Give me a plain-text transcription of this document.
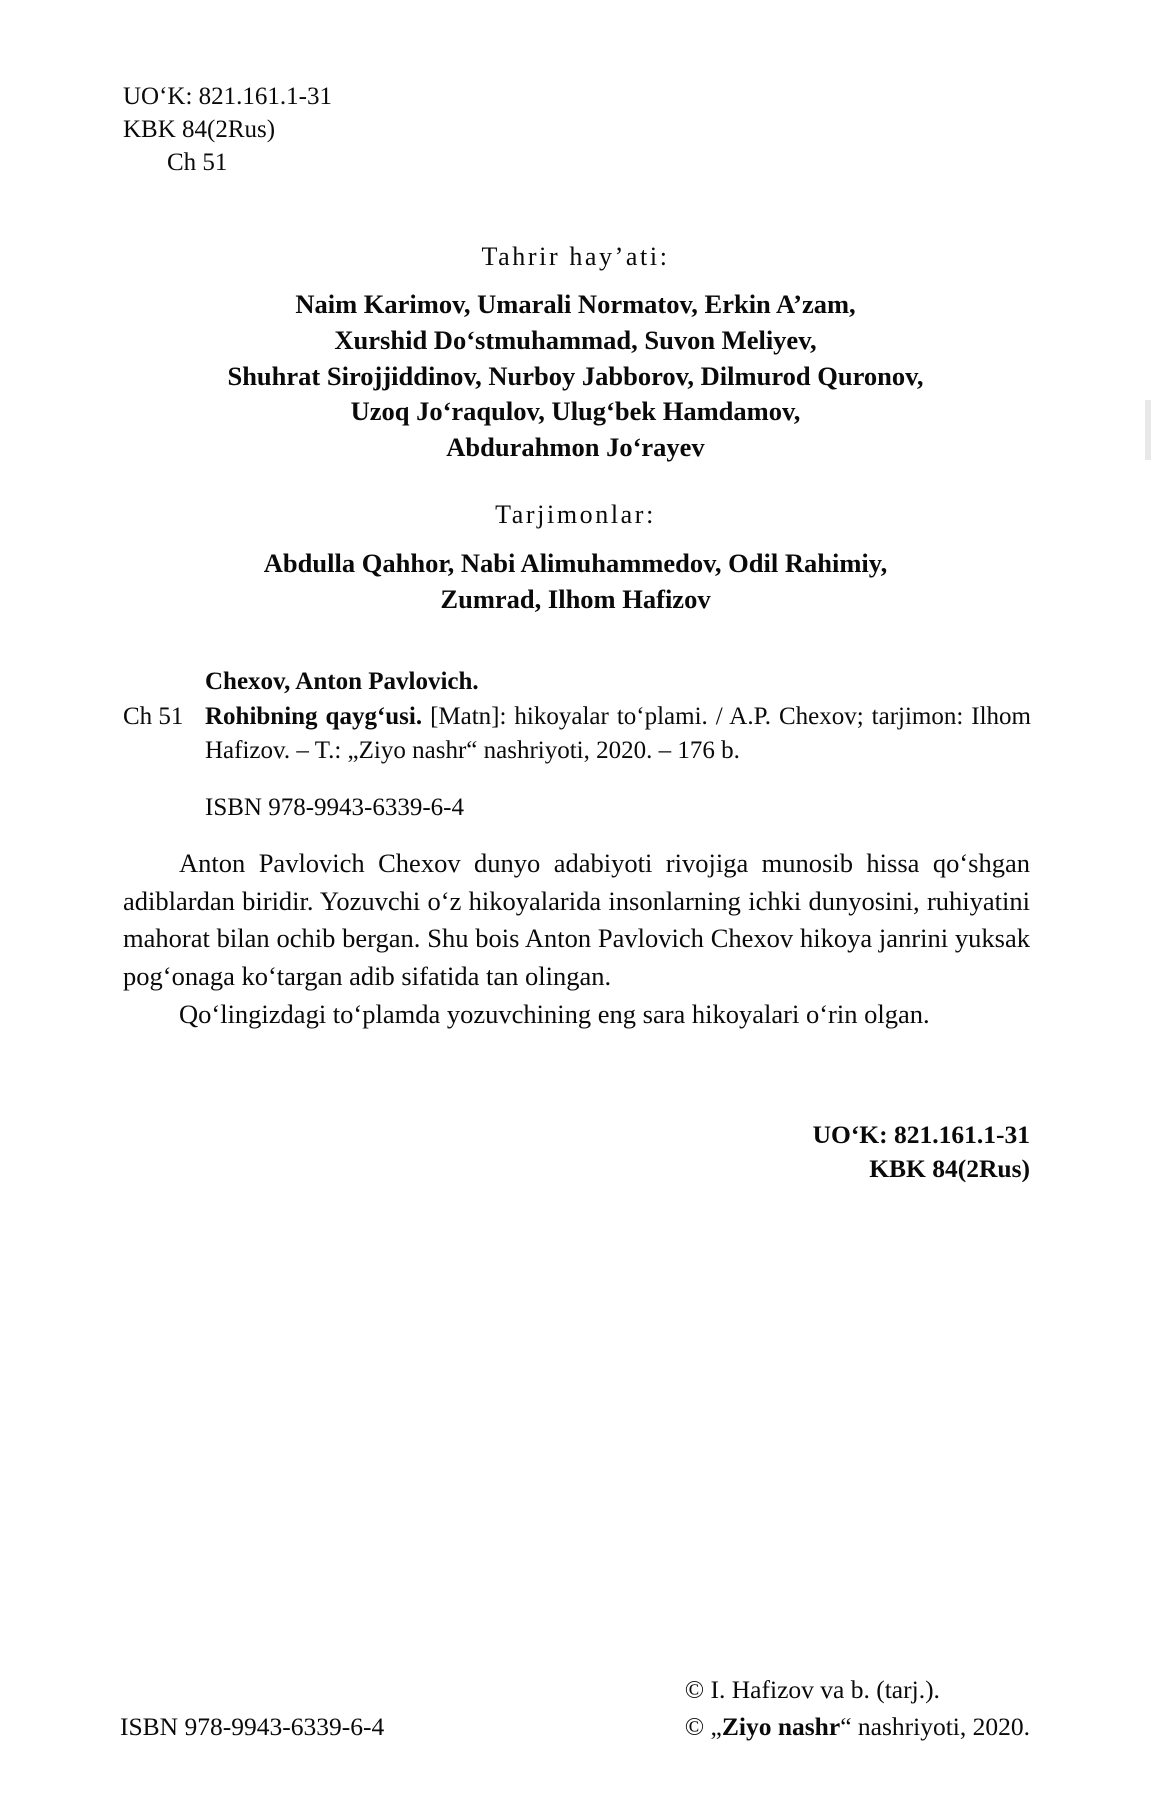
UO‘K: 821.161.1-31
KBK 84(2Rus)
Ch 51
Tahrir hay’ati:
Naim Karimov, Umarali Normatov, Erkin A’zam,
Xurshid Do‘stmuhammad, Suvon Meliyev,
Shuhrat Sirojjiddinov, Nurboy Jabborov, Dilmurod Quronov,
Uzoq Jo‘raqulov, Ulug‘bek Hamdamov,
Abdurahmon Jo‘rayev
Tarjimonlar:
Abdulla Qahhor, Nabi Alimuhammedov, Odil Rahimiy,
Zumrad, Ilhom Hafizov
Chexov, Anton Pavlovich.
Ch 51 Rohibning qayg‘usi. [Matn]: hikoyalar to‘plami. / A.P. Chexov; tarjimon: Ilhom Hafizov. – T.: „Ziyo nashr“ nashriyoti, 2020. – 176 b.
ISBN 978-9943-6339-6-4

Anton Pavlovich Chexov dunyo adabiyoti rivojiga munosib hissa qo‘shgan adiblardan biridir. Yozuvchi o‘z hikoyalarida insonlarning ichki dunyosini, ruhiyatini mahorat bilan ochib bergan. Shu bois Anton Pavlovich Chexov hikoya janrini yuksak pog‘onaga ko‘targan adib sifatida tan olingan.

Qo‘lingizdagi to‘plamda yozuvchining eng sara hikoyalari o‘rin olgan.

UO‘K: 821.161.1-31
KBK 84(2Rus)
ISBN 978-9943-6339-6-4
© I. Hafizov va b. (tarj.).
© „Ziyo nashr“ nashriyoti, 2020.
